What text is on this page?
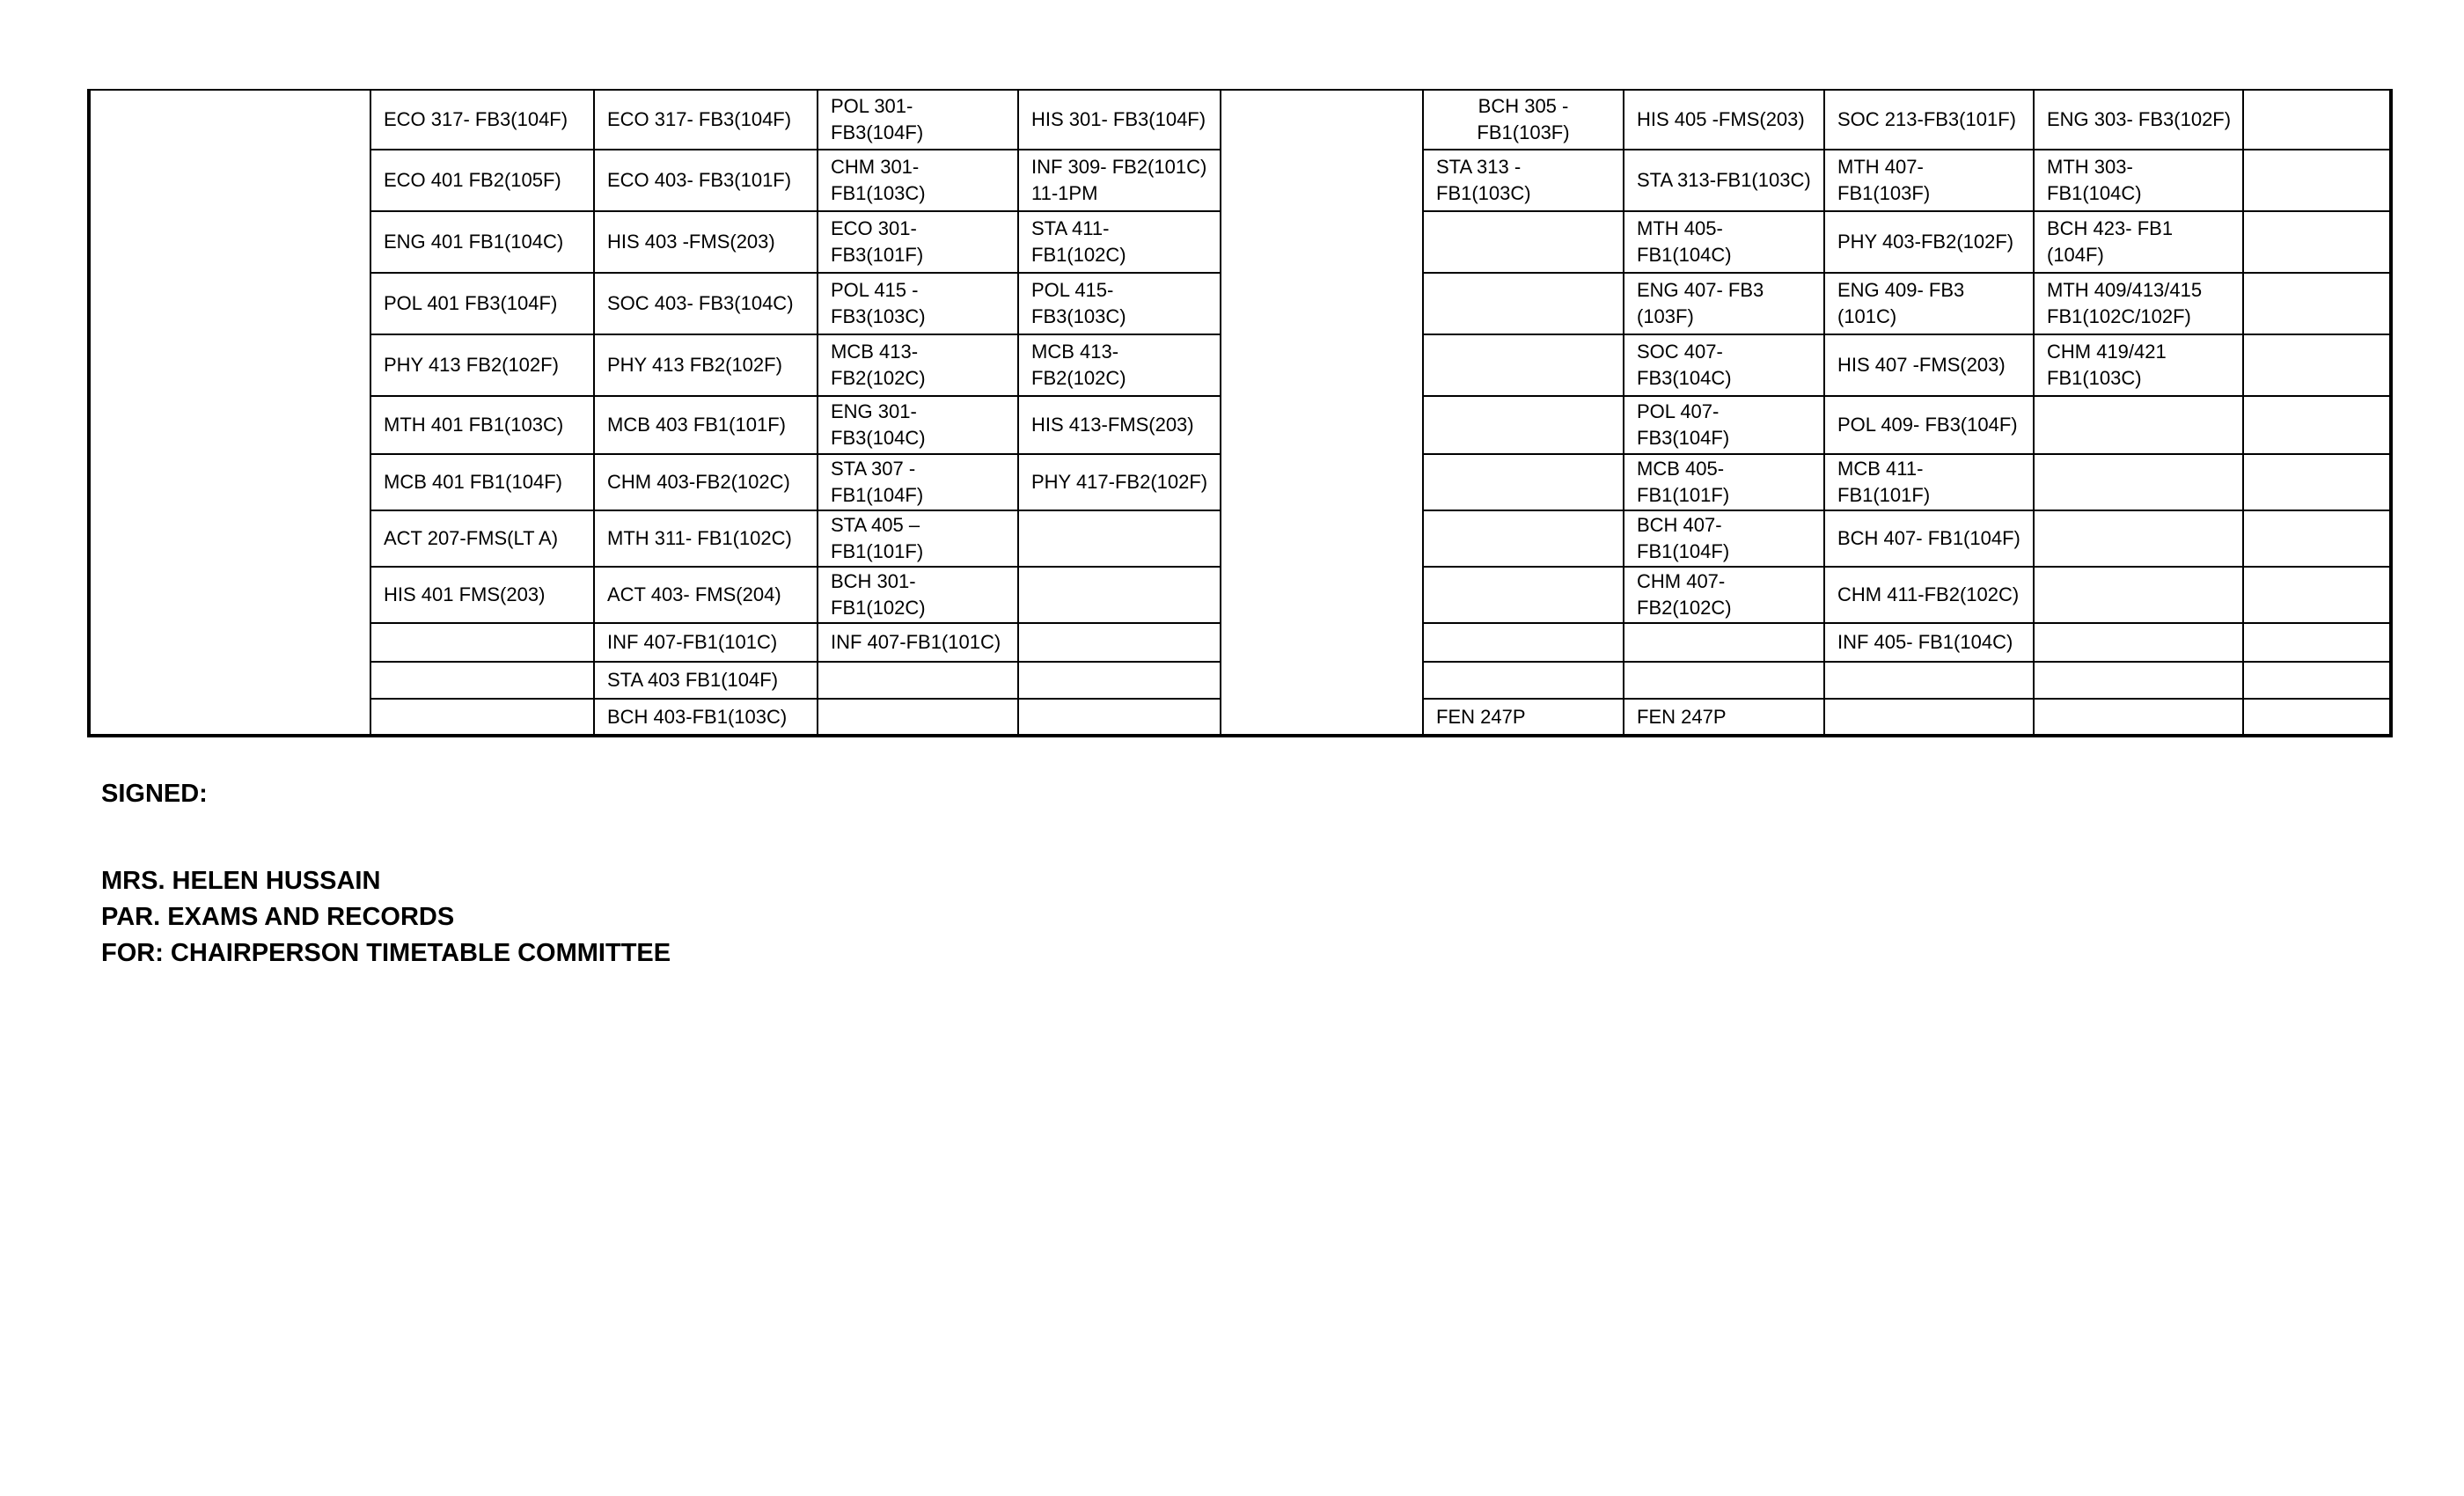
	ECO 317- FB3(104F)	ECO 317- FB3(104F)	POL 301-
FB3(104F)	HIS 301- FB3(104F)		BCH 305 -
FB1(103F)	HIS 405 -FMS(203)	SOC 213-FB3(101F)	ENG 303- FB3(102F)	
	ECO 401 FB2(105F)	ECO 403- FB3(101F)	CHM 301-
FB1(103C)	INF 309- FB2(101C)
11-1PM		STA 313 -
FB1(103C)	STA 313-FB1(103C)	MTH 407-
FB1(103F)	MTH 303-
FB1(104C)	
	ENG 401 FB1(104C)	HIS 403 -FMS(203)	ECO 301-
FB3(101F)	STA 411-
FB1(102C)			MTH 405-
FB1(104C)	PHY 403-FB2(102F)	BCH 423- FB1
(104F)	
	POL 401 FB3(104F)	SOC 403- FB3(104C)	POL 415 -
FB3(103C)	POL 415-
FB3(103C)			ENG 407- FB3
(103F)	ENG 409- FB3
(101C)	MTH 409/413/415
FB1(102C/102F)	
	PHY 413 FB2(102F)	PHY 413 FB2(102F)	MCB 413-
FB2(102C)	MCB 413-
FB2(102C)			SOC 407-
FB3(104C)	HIS 407 -FMS(203)	CHM 419/421
FB1(103C)	
	MTH 401 FB1(103C)	MCB 403 FB1(101F)	ENG 301-
FB3(104C)	HIS 413-FMS(203)			POL 407-
FB3(104F)	POL 409- FB3(104F)		
	MCB 401 FB1(104F)	CHM 403-FB2(102C)	STA 307 -
FB1(104F)	PHY 417-FB2(102F)			MCB 405-
FB1(101F)	MCB 411-
FB1(101F)		
	ACT 207-FMS(LT A)	MTH 311- FB1(102C)	STA 405 –
FB1(101F)				BCH 407-
FB1(104F)	BCH 407- FB1(104F)		
	HIS 401 FMS(203)	ACT 403- FMS(204)	BCH 301-
FB1(102C)				CHM 407-
FB2(102C)	CHM 411-FB2(102C)		
		INF 407-FB1(101C)	INF 407-FB1(101C)					INF 405- FB1(104C)		
		STA 403 FB1(104F)								
		BCH 403-FB1(103C)				FEN 247P	FEN 247P			
SIGNED:
MRS. HELEN HUSSAIN
PAR. EXAMS AND RECORDS
FOR: CHAIRPERSON TIMETABLE COMMITTEE
